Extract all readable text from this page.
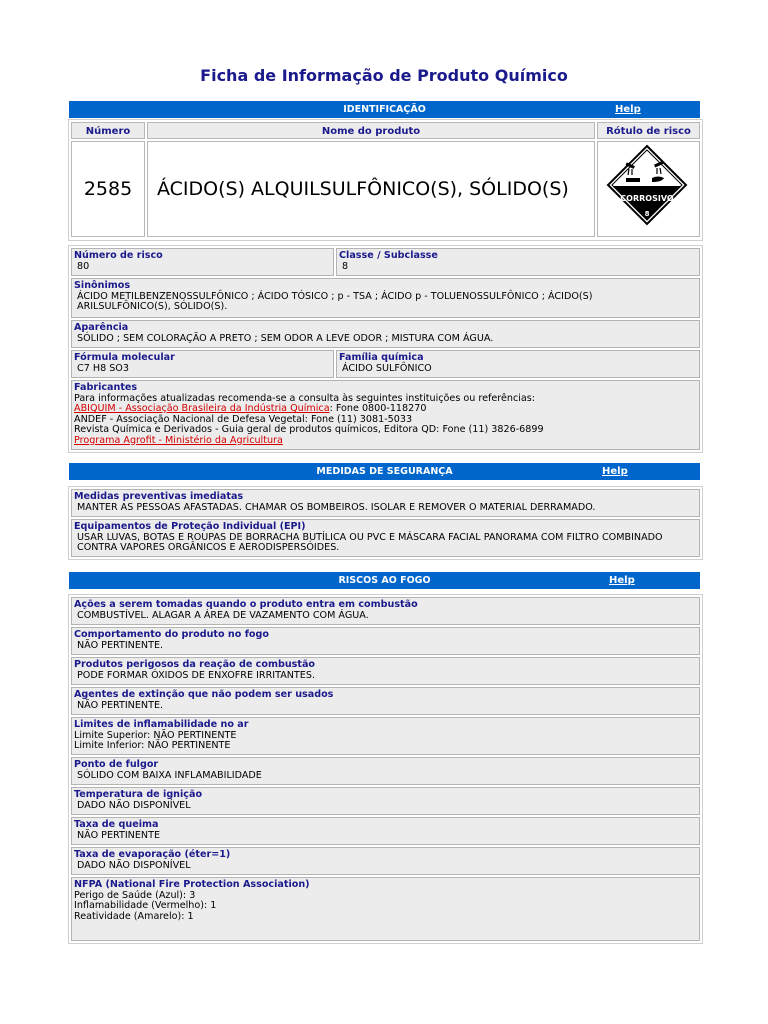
Ficha de Informação de Produto Químico
IDENTIFICAÇÃO	Help
Número	Nome do produto	Rótulo de risco
2585	ÁCIDO(S) ALQUILSULFÔNICO(S), SÓLIDO(S)	CORROSIVO
8
Número de risco
80
Classe / Subclasse
8
Sinônimos
ÁCIDO METILBENZENOSSULFÔNICO ; ÁCIDO TÓSICO ; p - TSA ; ÁCIDO p - TOLUENOSSULFÔNICO ; ÁCIDO(S)
ARILSULFÔNICO(S), SÓLIDO(S).
Aparência
SÓLIDO ; SEM COLORAÇÃO A PRETO ; SEM ODOR A LEVE ODOR ; MISTURA COM ÁGUA.
Fórmula molecular
C7 H8 SO3
Família química
ÁCIDO SULFÔNICO
Fabricantes
Para informações atualizadas recomenda-se a consulta às seguintes instituições ou referências:
ABIQUIM - Associação Brasileira da Indústria Química: Fone 0800-118270
ANDEF - Associação Nacional de Defesa Vegetal: Fone (11) 3081-5033
Revista Química e Derivados - Guia geral de produtos químicos, Editora QD: Fone (11) 3826-6899
Programa Agrofit - Ministério da Agricultura
MEDIDAS DE SEGURANÇA	Help
Medidas preventivas imediatas
MANTER AS PESSOAS AFASTADAS. CHAMAR OS BOMBEIROS. ISOLAR E REMOVER O MATERIAL DERRAMADO.
Equipamentos de Proteção Individual (EPI)
USAR LUVAS, BOTAS E ROUPAS DE BORRACHA BUTÍLICA OU PVC E MÁSCARA FACIAL PANORAMA COM FILTRO COMBINADO
CONTRA VAPORES ORGÂNICOS E AERODISPERSÓIDES.
RISCOS AO FOGO	Help
Ações a serem tomadas quando o produto entra em combustão
COMBUSTÍVEL. ALAGAR A ÁREA DE VAZAMENTO COM ÁGUA.
Comportamento do produto no fogo
NÃO PERTINENTE.
Produtos perigosos da reação de combustão
PODE FORMAR ÓXIDOS DE ENXOFRE IRRITANTES.
Agentes de extinção que não podem ser usados
NÃO PERTINENTE.
Limites de inflamabilidade no ar
Limite Superior: NÃO PERTINENTE
Limite Inferior: NÃO PERTINENTE
Ponto de fulgor
SÓLIDO COM BAIXA INFLAMABILIDADE
Temperatura de ignição
DADO NÃO DISPONÍVEL
Taxa de queima
NÃO PERTINENTE
Taxa de evaporação (éter=1)
DADO NÃO DISPONÍVEL
NFPA (National Fire Protection Association)
Perigo de Saúde (Azul): 3
Inflamabilidade (Vermelho): 1
Reatividade (Amarelo): 1
